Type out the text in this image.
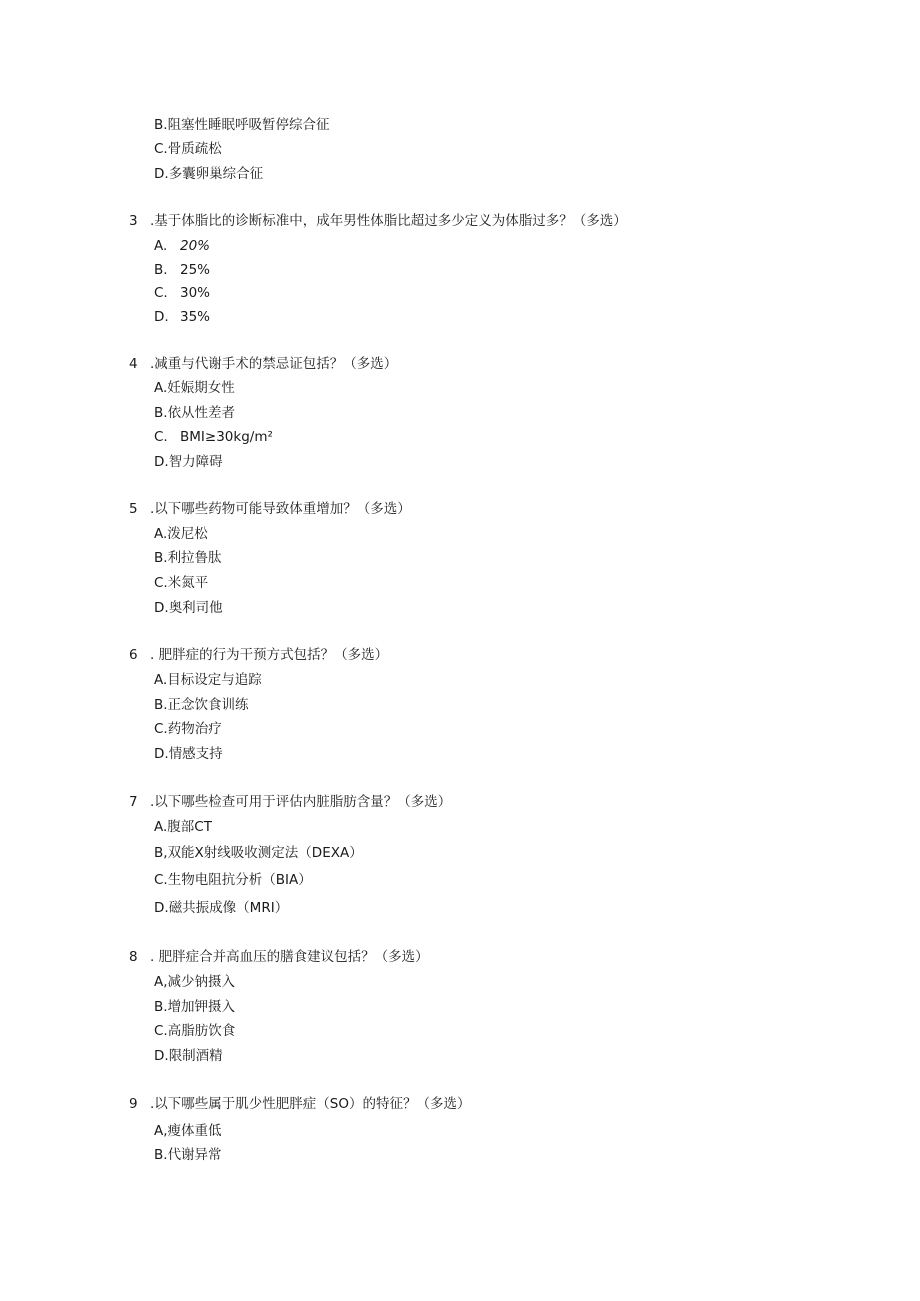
B.阻塞性睡眠呼吸暂停综合征
C.骨质疏松
D.多囊卵巢综合征
3 .基于体脂比的诊断标准中，成年男性体脂比超过多少定义为体脂过多？（多选）
A. 20%
B. 25%
C. 30%
D. 35%
4 .减重与代谢手术的禁忌证包括？（多选）
A.妊娠期女性
B.依从性差者
C. BMI≥30kg∕m²
D.智力障碍
5 .以下哪些药物可能导致体重增加？（多选）
A.泼尼松
B.利拉鲁肽
C.米氮平
D.奥利司他
6 . 肥胖症的行为干预方式包括？（多选）
A.目标设定与追踪
B.正念饮食训练
C.药物治疗
D.情感支持
7 .以下哪些检查可用于评估内脏脂肪含量？（多选）
A.腹部CT
B,双能X射线吸收测定法（DEXA）
C.生物电阻抗分析（BIA）
D.磁共振成像（MRI）
8 . 肥胖症合并高血压的膳食建议包括？（多选）
A,减少钠摄入
B.增加钾摄入
C.高脂肪饮食
D.限制酒精
9 .以下哪些属于肌少性肥胖症（SO）的特征？（多选）
A,瘦体重低
B.代谢异常
